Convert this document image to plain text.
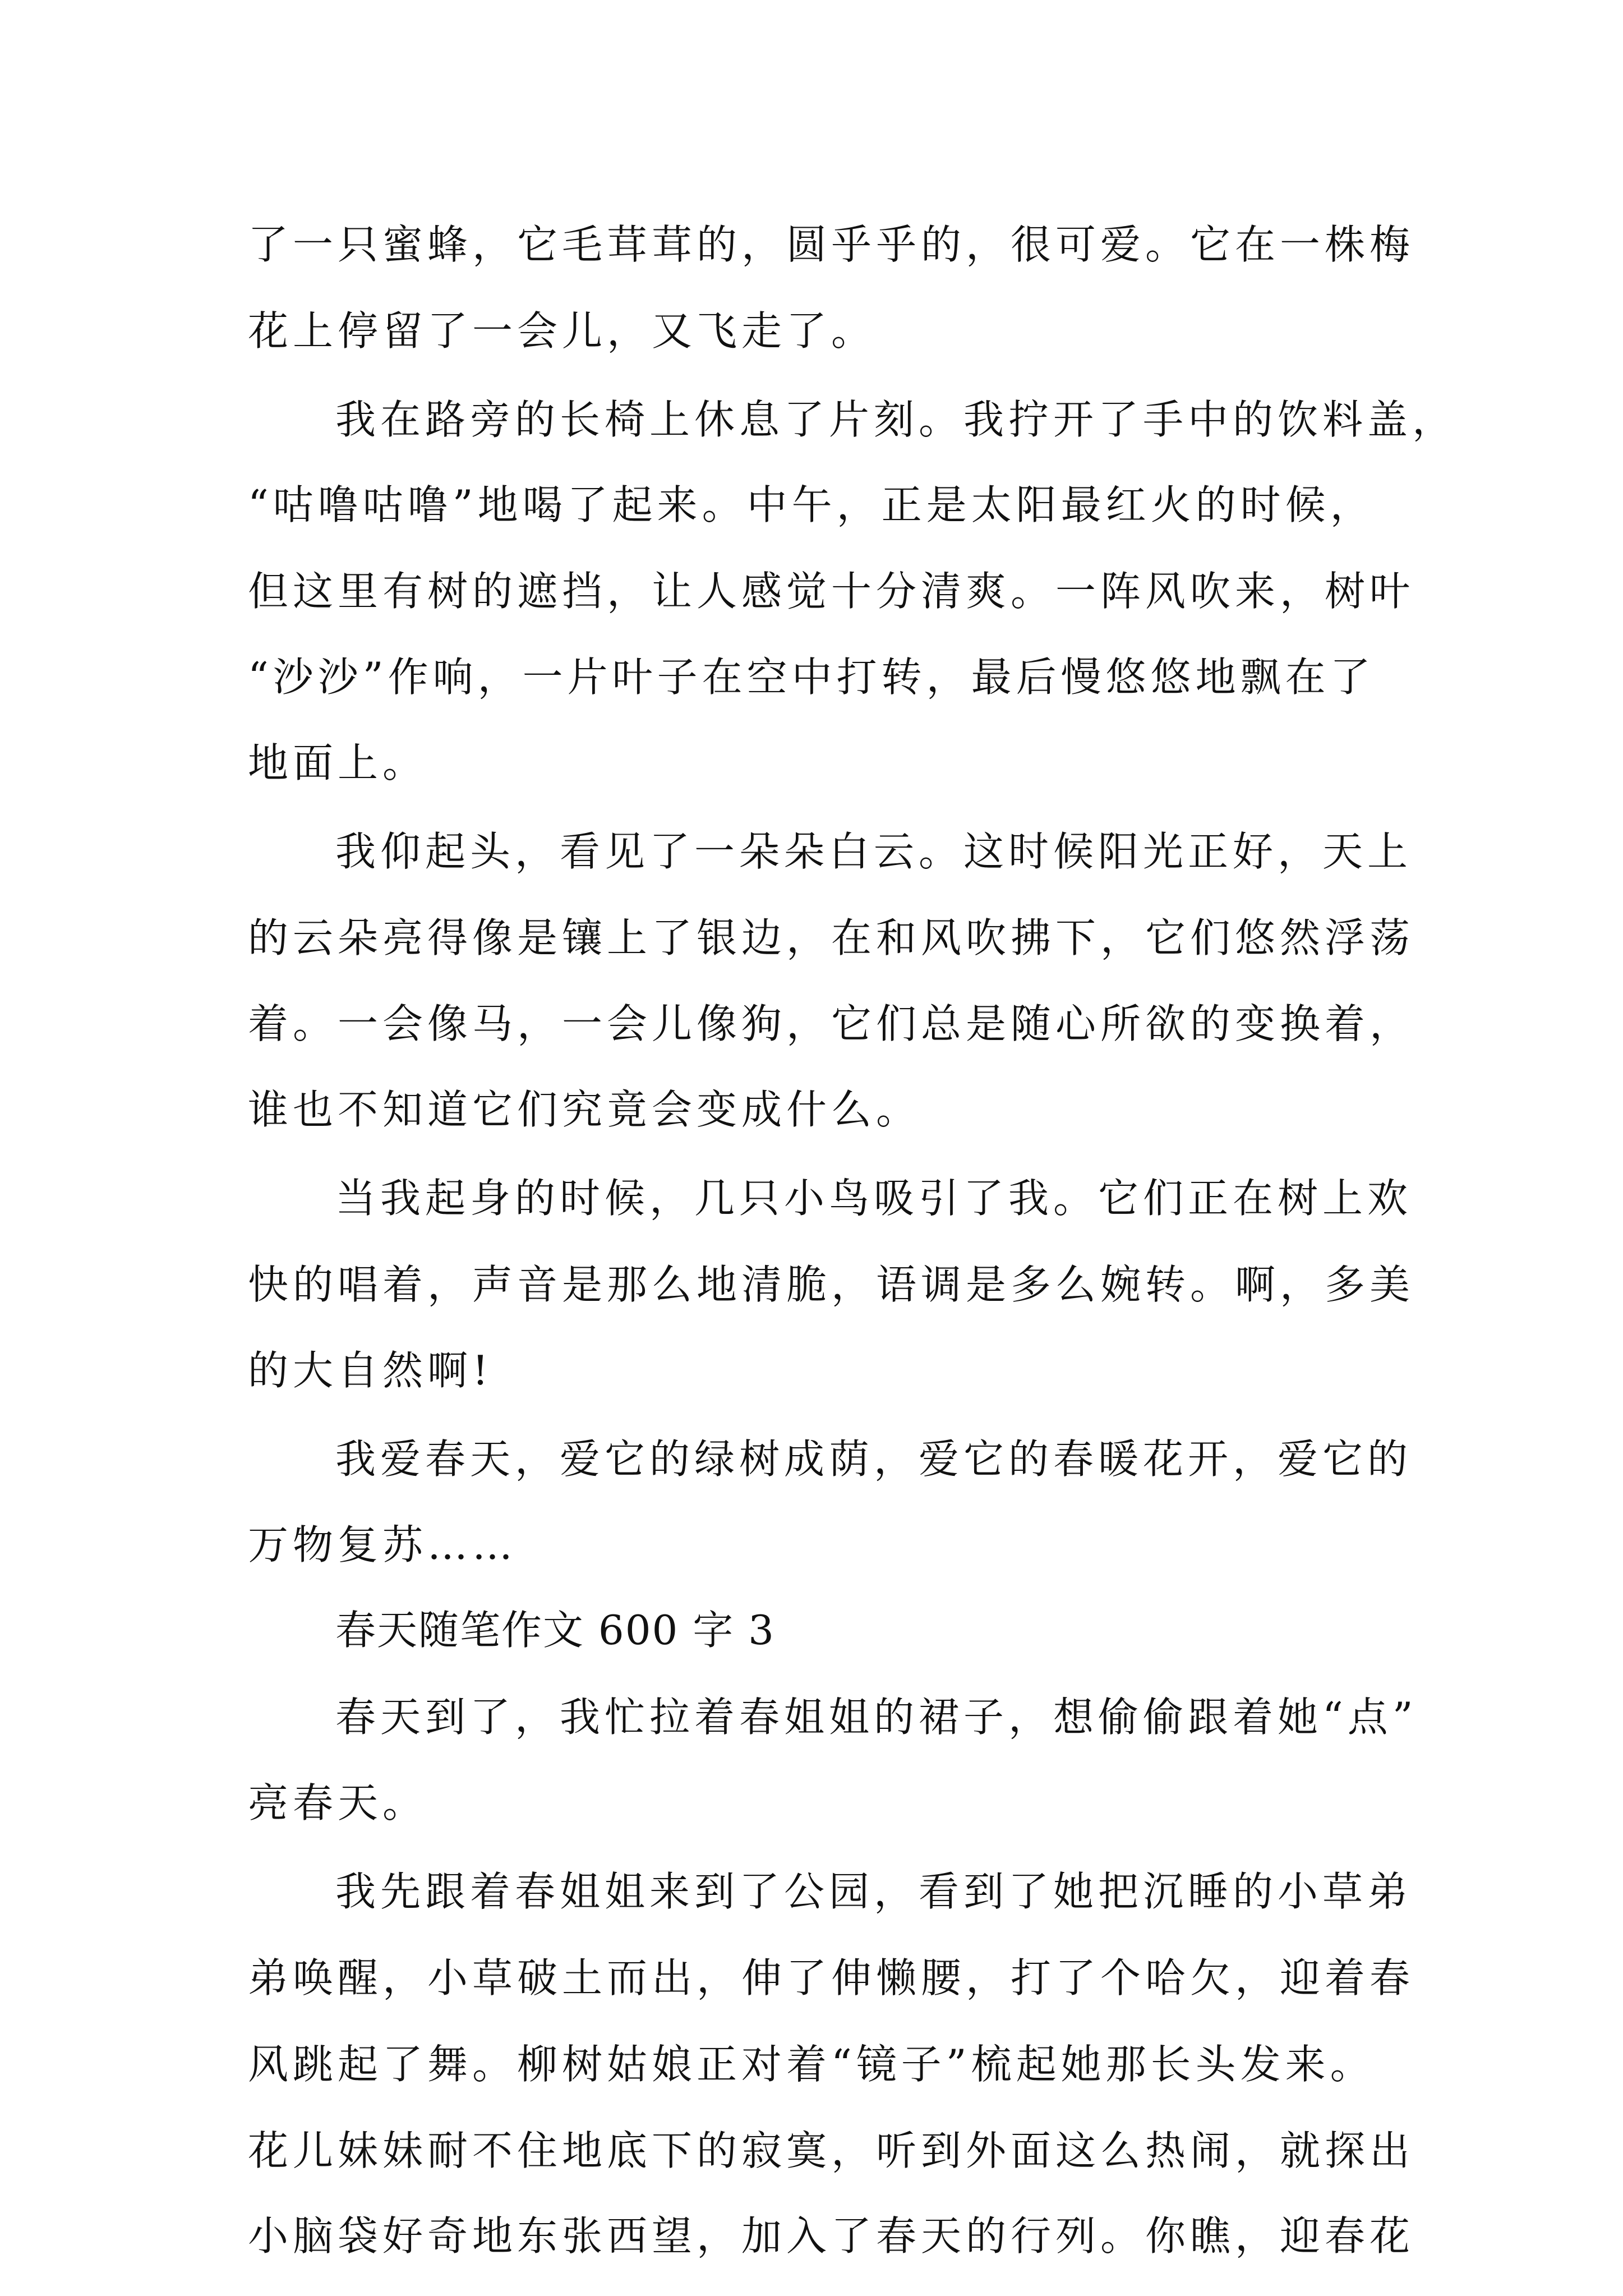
了一只蜜蜂，它毛茸茸的，圆乎乎的，很可爱。它在一株梅
花上停留了一会儿，又飞走了。
我在路旁的长椅上休息了片刻。我拧开了手中的饮料盖，
“咕噜咕噜”地喝了起来。中午，正是太阳最红火的时候，
但这里有树的遮挡，让人感觉十分清爽。一阵风吹来，树叶
“沙沙”作响，一片叶子在空中打转，最后慢悠悠地飘在了
地面上。
我仰起头，看见了一朵朵白云。这时候阳光正好，天上
的云朵亮得像是镶上了银边，在和风吹拂下，它们悠然浮荡
着。一会像马，一会儿像狗，它们总是随心所欲的变换着，
谁也不知道它们究竟会变成什么。
当我起身的时候，几只小鸟吸引了我。它们正在树上欢
快的唱着，声音是那么地清脆，语调是多么婉转。啊，多美
的大自然啊!
我爱春天，爱它的绿树成荫，爱它的春暖花开，爱它的
万物复苏……
春天随笔作文 600 字 3
春天到了，我忙拉着春姐姐的裙子，想偷偷跟着她“点”
亮春天。
我先跟着春姐姐来到了公园，看到了她把沉睡的小草弟
弟唤醒，小草破土而出，伸了伸懒腰，打了个哈欠，迎着春
风跳起了舞。柳树姑娘正对着“镜子”梳起她那长头发来。
花儿妹妹耐不住地底下的寂寞，听到外面这么热闹，就探出
小脑袋好奇地东张西望，加入了春天的行列。你瞧，迎春花
